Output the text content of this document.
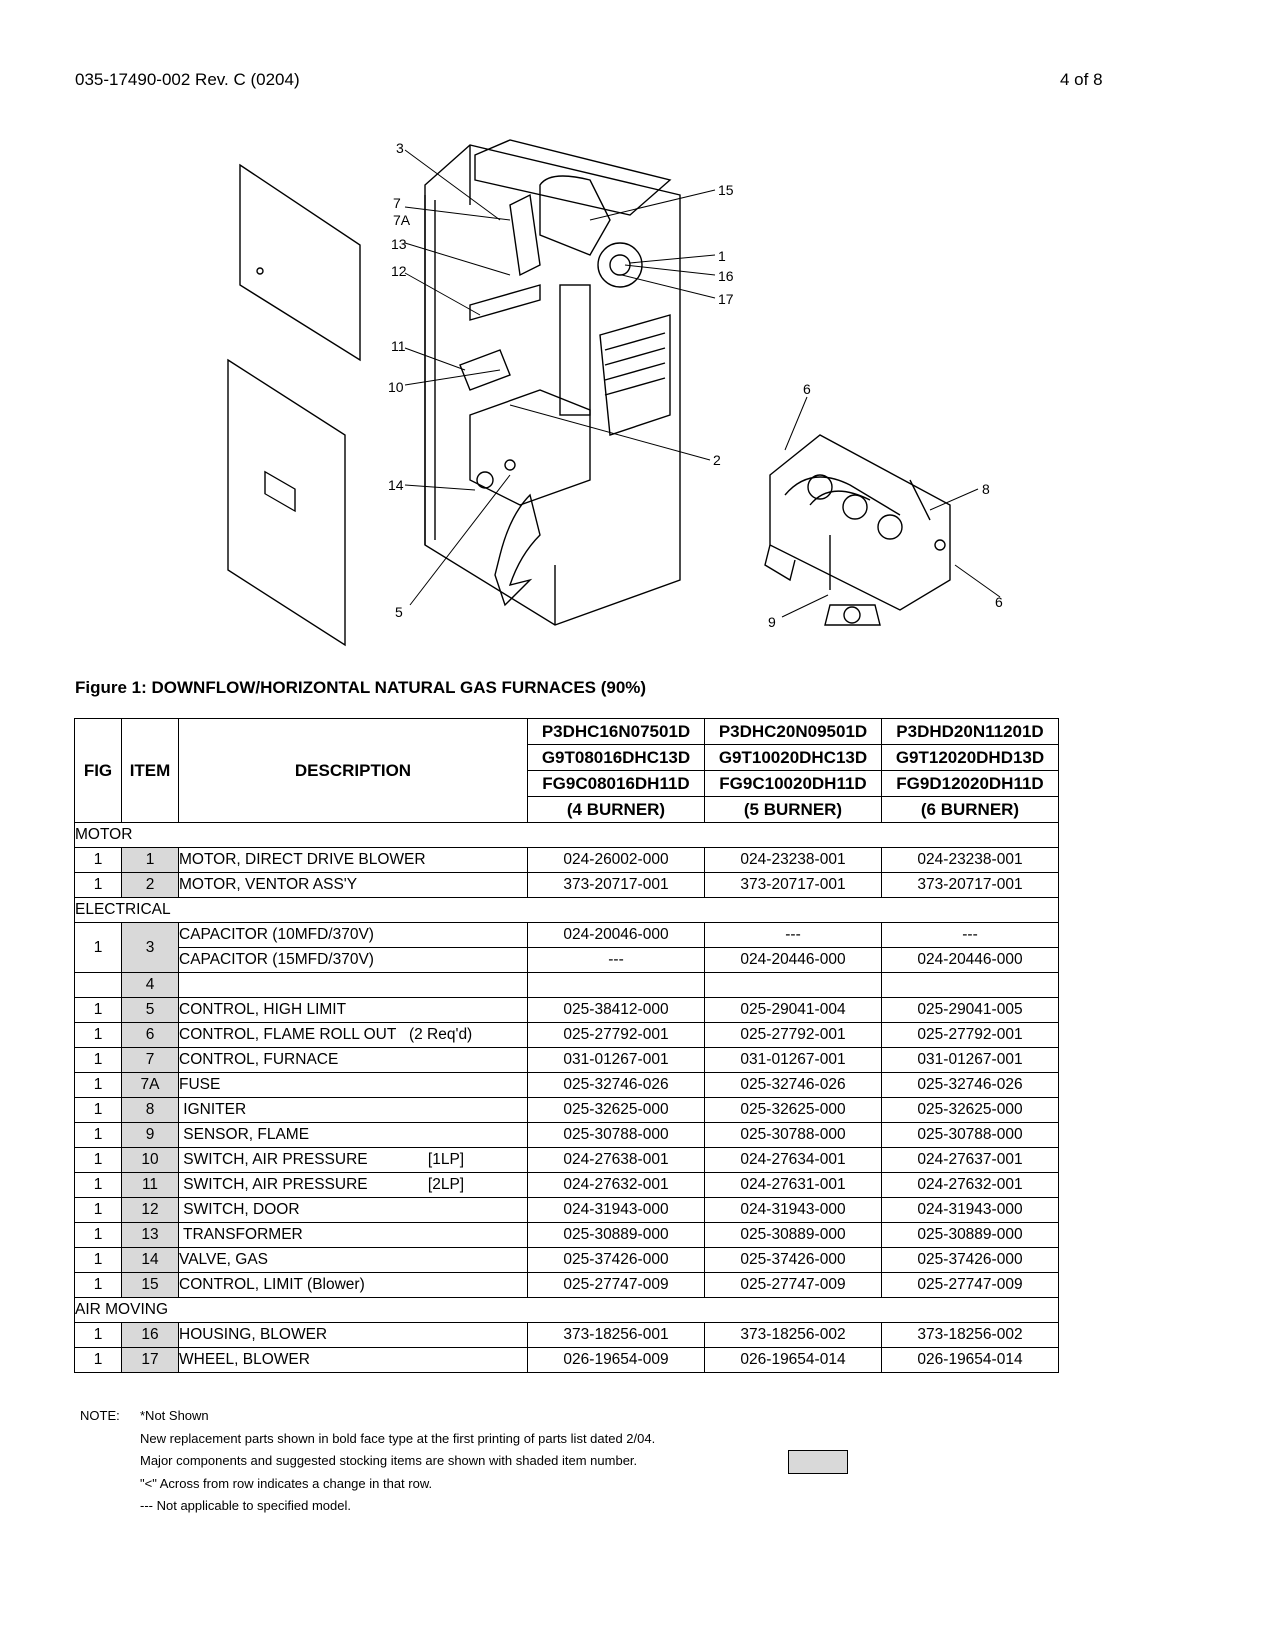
035-17490-002 Rev. C (0204)	4 of 8
3
7
7A
13
12
11
10
14
5
15
1
16
17
2
6
8
6
9
Figure 1: DOWNFLOW/HORIZONTAL NATURAL GAS FURNACES (90%)
FIG	ITEM	DESCRIPTION	P3DHC16N07501D	P3DHC20N09501D	P3DHD20N11201D
			G9T08016DHC13D	G9T10020DHC13D	G9T12020DHD13D
			FG9C08016DH11D	FG9C10020DH11D	FG9D12020DH11D
			(4 BURNER)	(5 BURNER)	(6 BURNER)
MOTOR					
1	1	MOTOR, DIRECT DRIVE BLOWER	024-26002-000	024-23238-001	024-23238-001
1	2	MOTOR, VENTOR ASS'Y	373-20717-001	373-20717-001	373-20717-001
ELECTRICAL					
1	3	CAPACITOR (10MFD/370V)	024-20046-000	---	---
		CAPACITOR (15MFD/370V)	---	024-20446-000	024-20446-000
	4				
1	5	CONTROL, HIGH LIMIT	025-38412-000	025-29041-004	025-29041-005
1	6	CONTROL, FLAME ROLL OUT   (2 Req'd)	025-27792-001	025-27792-001	025-27792-001
1	7	CONTROL, FURNACE	031-01267-001	031-01267-001	031-01267-001
1	7A	FUSE	025-32746-026	025-32746-026	025-32746-026
1	8	IGNITER	025-32625-000	025-32625-000	025-32625-000
1	9	SENSOR, FLAME	025-30788-000	025-30788-000	025-30788-000
1	10	SWITCH, AIR PRESSURE              [1LP]	024-27638-001	024-27634-001	024-27637-001
1	11	SWITCH, AIR PRESSURE              [2LP]	024-27632-001	024-27631-001	024-27632-001
1	12	SWITCH, DOOR	024-31943-000	024-31943-000	024-31943-000
1	13	TRANSFORMER	025-30889-000	025-30889-000	025-30889-000
1	14	VALVE, GAS	025-37426-000	025-37426-000	025-37426-000
1	15	CONTROL, LIMIT (Blower)	025-27747-009	025-27747-009	025-27747-009
AIR MOVING					
1	16	HOUSING, BLOWER	373-18256-001	373-18256-002	373-18256-002
1	17	WHEEL, BLOWER	026-19654-009	026-19654-014	026-19654-014
NOTE:	*Not Shown
New replacement parts shown in bold face type at the first printing of parts list dated 2/04.
Major components and suggested stocking items are shown with shaded item number.
"<" Across from row indicates a change in that row.
--- Not applicable to specified model.
